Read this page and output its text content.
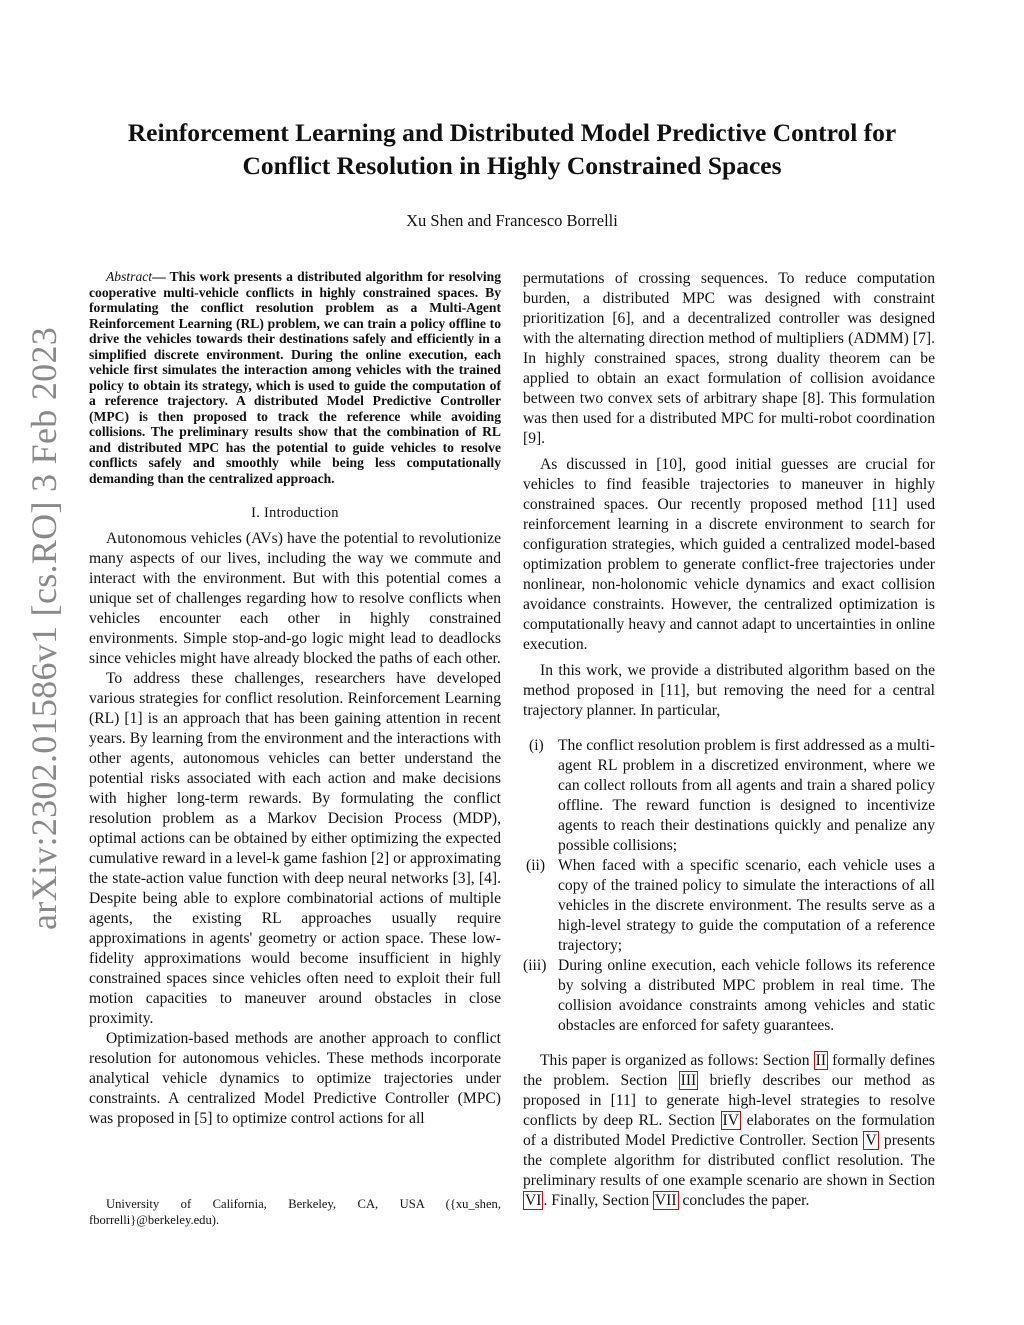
Reinforcement Learning and Distributed Model Predictive Control for
Conflict Resolution in Highly Constrained Spaces
Xu Shen and Francesco Borrelli
arXiv:2302.01586v1 [cs.RO] 3 Feb 2023

Abstract— This work presents a distributed algorithm for resolving cooperative multi-vehicle conflicts in highly constrained spaces. By formulating the conflict resolution problem as a Multi-Agent Reinforcement Learning (RL) problem, we can train a policy offline to drive the vehicles towards their destinations safely and efficiently in a simplified discrete environment. During the online execution, each vehicle first simulates the interaction among vehicles with the trained policy to obtain its strategy, which is used to guide the computation of a reference trajectory. A distributed Model Predictive Controller (MPC) is then proposed to track the reference while avoiding collisions. The preliminary results show that the combination of RL and distributed MPC has the potential to guide vehicles to resolve conflicts safely and smoothly while being less computationally demanding than the centralized approach.

I. Introduction

Autonomous vehicles (AVs) have the potential to revolutionize many aspects of our lives, including the way we commute and interact with the environment. But with this potential comes a unique set of challenges regarding how to resolve conflicts when vehicles encounter each other in highly constrained environments. Simple stop-and-go logic might lead to deadlocks since vehicles might have already blocked the paths of each other.

To address these challenges, researchers have developed various strategies for conflict resolution. Reinforcement Learning (RL) [1] is an approach that has been gaining attention in recent years. By learning from the environment and the interactions with other agents, autonomous vehicles can better understand the potential risks associated with each action and make decisions with higher long-term rewards. By formulating the conflict resolution problem as a Markov Decision Process (MDP), optimal actions can be obtained by either optimizing the expected cumulative reward in a level-k game fashion [2] or approximating the state-action value function with deep neural networks [3], [4]. Despite being able to explore combinatorial actions of multiple agents, the existing RL approaches usually require approximations in agents' geometry or action space. These low-fidelity approximations would become insufficient in highly constrained spaces since vehicles often need to exploit their full motion capacities to maneuver around obstacles in close proximity.

Optimization-based methods are another approach to conflict resolution for autonomous vehicles. These methods incorporate analytical vehicle dynamics to optimize trajectories under constraints. A centralized Model Predictive Controller (MPC) was proposed in [5] to optimize control actions for all

University of California, Berkeley, CA, USA ({xu_shen, fborrelli}@berkeley.edu).

permutations of crossing sequences. To reduce computation burden, a distributed MPC was designed with constraint prioritization [6], and a decentralized controller was designed with the alternating direction method of multipliers (ADMM) [7]. In highly constrained spaces, strong duality theorem can be applied to obtain an exact formulation of collision avoidance between two convex sets of arbitrary shape [8]. This formulation was then used for a distributed MPC for multi-robot coordination [9].

As discussed in [10], good initial guesses are crucial for vehicles to find feasible trajectories to maneuver in highly constrained spaces. Our recently proposed method [11] used reinforcement learning in a discrete environment to search for configuration strategies, which guided a centralized model-based optimization problem to generate conflict-free trajectories under nonlinear, non-holonomic vehicle dynamics and exact collision avoidance constraints. However, the centralized optimization is computationally heavy and cannot adapt to uncertainties in online execution.

In this work, we provide a distributed algorithm based on the method proposed in [11], but removing the need for a central trajectory planner. In particular,

(i) The conflict resolution problem is first addressed as a multi-agent RL problem in a discretized environment, where we can collect rollouts from all agents and train a shared policy offline. The reward function is designed to incentivize agents to reach their destinations quickly and penalize any possible collisions;
(ii) When faced with a specific scenario, each vehicle uses a copy of the trained policy to simulate the interactions of all vehicles in the discrete environment. The results serve as a high-level strategy to guide the computation of a reference trajectory;
(iii) During online execution, each vehicle follows its reference by solving a distributed MPC problem in real time. The collision avoidance constraints among vehicles and static obstacles are enforced for safety guarantees.

This paper is organized as follows: Section II formally defines the problem. Section III briefly describes our method as proposed in [11] to generate high-level strategies to resolve conflicts by deep RL. Section IV elaborates on the formulation of a distributed Model Predictive Controller. Section V presents the complete algorithm for distributed conflict resolution. The preliminary results of one example scenario are shown in Section VI . Finally, Section VII concludes the paper.
